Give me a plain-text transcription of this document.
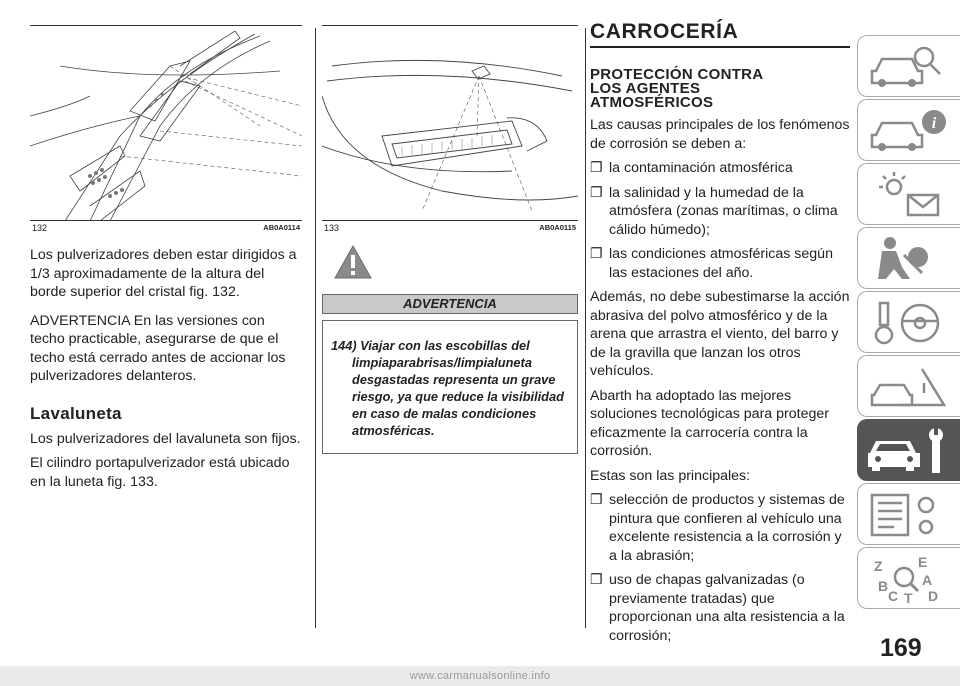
132	AB0A0114

Los pulverizadores deben estar dirigidos a 1/3 aproximadamente de la altura del borde superior del cristal fig. 132.

ADVERTENCIA En las versiones con techo practicable, asegurarse de que el techo está cerrado antes de accionar los pulverizadores delanteros.

Lavaluneta

Los pulverizadores del lavaluneta son fijos.

El cilindro portapulverizador está ubicado en la luneta fig. 133.

133	AB0A0115
ADVERTENCIA

144) Viajar con las escobillas del limpiaparabrisas/limpialuneta desgastadas representa un grave riesgo, ya que reduce la visibilidad en caso de malas condiciones atmosféricas.

CARROCERÍA
PROTECCIÓN CONTRA
LOS AGENTES
ATMOSFÉRICOS

Las causas principales de los fenómenos de corrosión se deben a:

❐ la contaminación atmosférica

❐ la salinidad y la humedad de la atmósfera (zonas marítimas, o clima cálido húmedo);

❐ las condiciones atmosféricas según las estaciones del año.

Además, no debe subestimarse la acción abrasiva del polvo atmosférico y de la arena que arrastra el viento, del barro y de la gravilla que lanzan los otros vehículos.

Abarth ha adoptado las mejores soluciones tecnológicas para proteger eficazmente la carrocería contra la corrosión.

Estas son las principales:

❐ selección de productos y sistemas de pintura que confieren al vehículo una excelente resistencia a la corrosión y a la abrasión;

❐ uso de chapas galvanizadas (o previamente tratadas) que proporcionan una alta resistencia a la corrosión;

i
Z	E
B A
C T D
169
www.carmanualsonline.info
